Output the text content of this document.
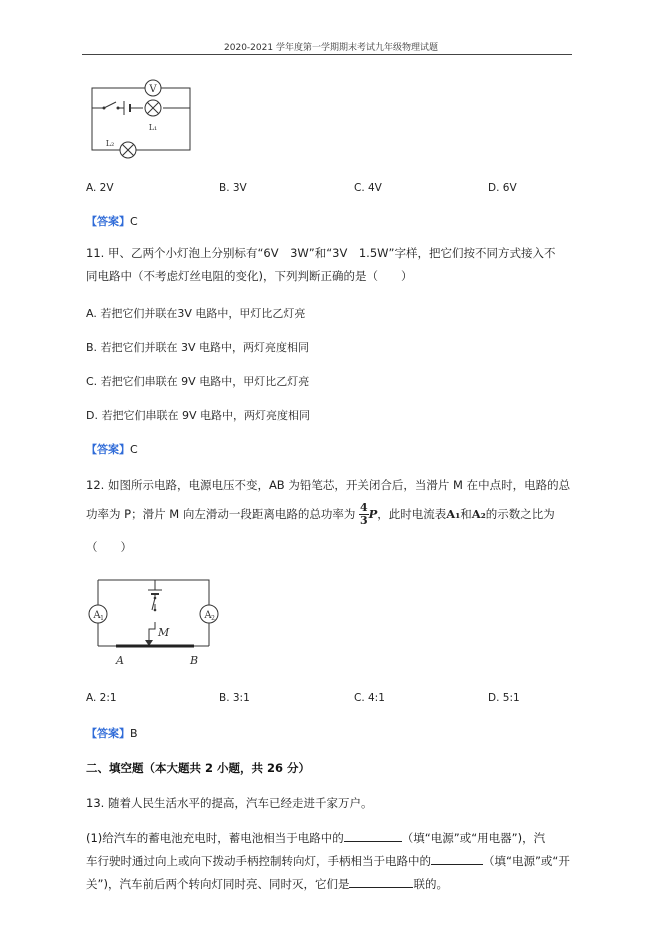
2020-2021 学年度第一学期期末考试九年级物理试题
V
L₁
L₂
A. 2V	B. 3V	C. 4V	D. 6V
【答案】C
11. 甲、乙两个小灯泡上分别标有“6V　3W”和“3V　1.5W”字样，把它们按不同方式接入不
同电路中（不考虑灯丝电阻的变化)，下列判断正确的是（　　）
A. 若把它们并联在3V 电路中，甲灯比乙灯亮
B. 若把它们并联在 3V 电路中，两灯亮度相同
C. 若把它们串联在 9V 电路中，甲灯比乙灯亮
D. 若把它们串联在 9V 电路中，两灯亮度相同
【答案】C
12. 如图所示电路，电源电压不变，AB 为铅笔芯，开关闭合后，当滑片 M 在中点时，电路的总
功率为 P；滑片 M 向左滑动一段距离电路的总功率为 $\frac{4}{3}$ P，此时电流表A₁和A₂的示数之比为
（　　）
A 1	A 2
M
A	B
A. 2:1	B. 3:1	C. 4:1	D. 5:1
【答案】B
二、填空题（本大题共 2 小题，共 26 分）
13. 随着人民生活水平的提高，汽车已经走进千家万户。
(1)给汽车的蓄电池充电时，蓄电池相当于电路中的	（填“电源”或“用电器”)，汽
车行驶时通过向上或向下拨动手柄控制转向灯，手柄相当于电路中的	（填“电源”或“开
关”)，汽车前后两个转向灯同时亮、同时灭，它们是	联的。
